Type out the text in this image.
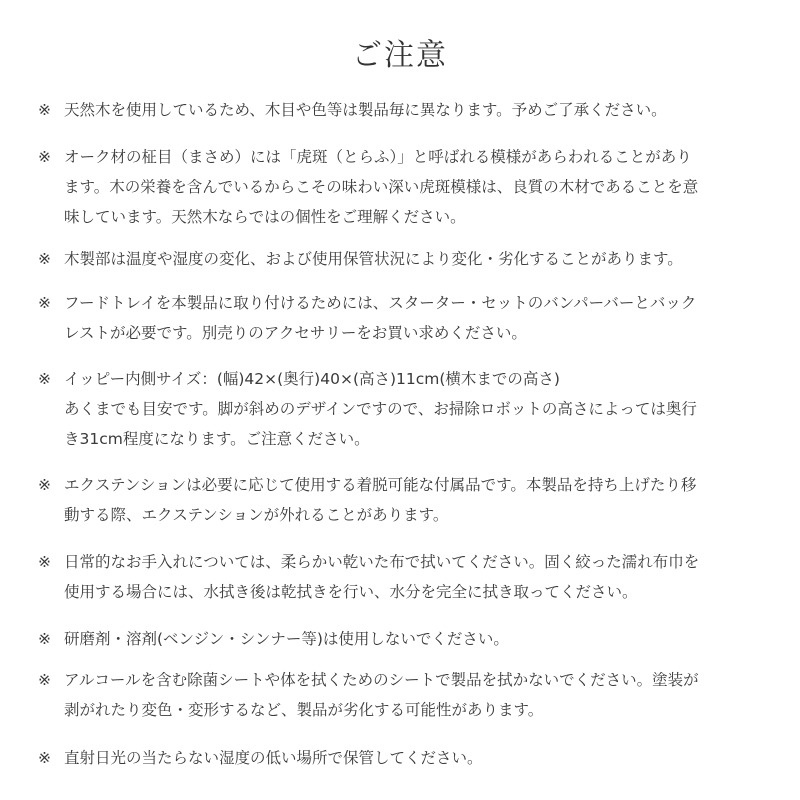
ご注意
※ 天然木を使用しているため、木目や色等は製品毎に異なります。予めご了承ください。
※ オーク材の柾目（まさめ）には「虎斑（とらふ）」と呼ばれる模様があらわれることがあり
ます。木の栄養を含んでいるからこその味わい深い虎斑模様は、良質の木材であることを意
味しています。天然木ならではの個性をご理解ください。
※ 木製部は温度や湿度の変化、および使用保管状況により変化・劣化することがあります。
※ フードトレイを本製品に取り付けるためには、スターター・セットのバンパーバーとバック
レストが必要です。別売りのアクセサリーをお買い求めください。
※ イッピー内側サイズ：(幅)42×(奥行)40×(高さ)11cm(横木までの高さ)
あくまでも目安です。脚が斜めのデザインですので、お掃除ロボットの高さによっては奥行
き31cm程度になります。ご注意ください。
※ エクステンションは必要に応じて使用する着脱可能な付属品です。本製品を持ち上げたり移
動する際、エクステンションが外れることがあります。
※ 日常的なお手入れについては、柔らかい乾いた布で拭いてください。固く絞った濡れ布巾を
使用する場合には、水拭き後は乾拭きを行い、水分を完全に拭き取ってください。
※ 研磨剤・溶剤(ベンジン・シンナー等)は使用しないでください。
※ アルコールを含む除菌シートや体を拭くためのシートで製品を拭かないでください。塗装が
剥がれたり変色・変形するなど、製品が劣化する可能性があります。
※ 直射日光の当たらない湿度の低い場所で保管してください。
